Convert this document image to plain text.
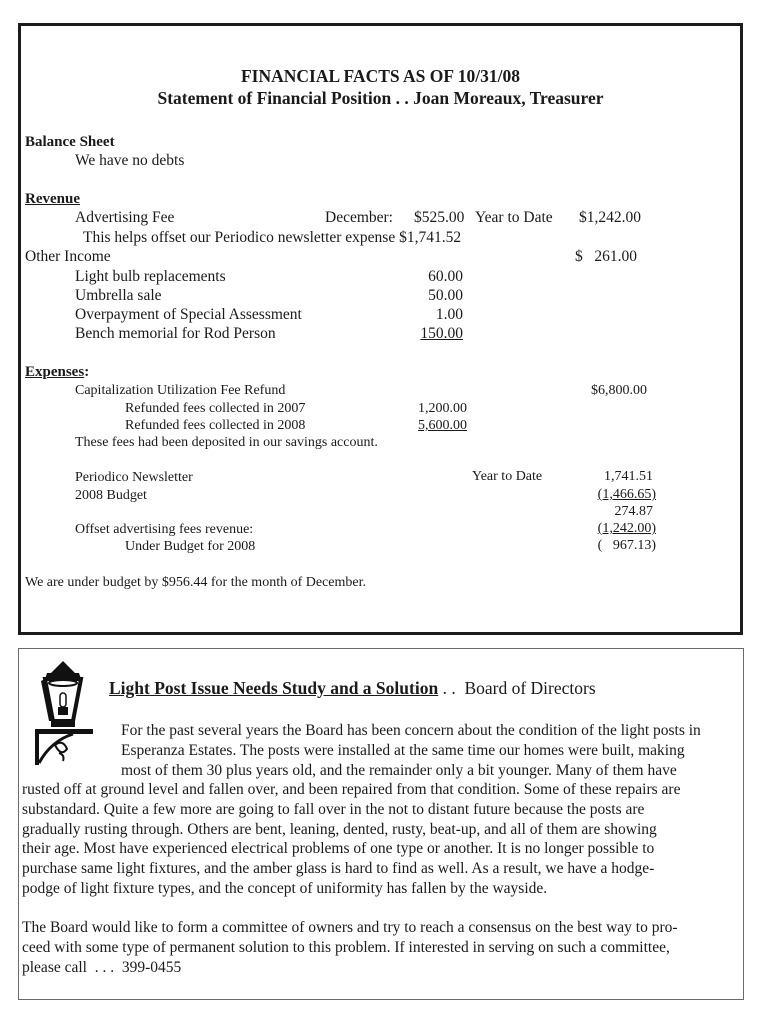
FINANCIAL FACTS AS OF 10/31/08
Statement of Financial Position . . Joan Moreaux, Treasurer
Balance Sheet
We have no debts
Revenue
Advertising Fee	December: $525.00 Year to Date $1,242.00
This helps offset our Periodico newsletter expense $1,741.52
Other Income	$   261.00
Light bulb replacements	60.00
Umbrella sale	50.00
Overpayment of Special Assessment	1.00
Bench memorial for Rod Person	150.00
Expenses:
Capitalization Utilization Fee Refund	$6,800.00
Refunded fees collected in 2007	1,200.00
Refunded fees collected in 2008	5,600.00
These fees had been deposited in our savings account.
Periodico Newsletter	Year to Date	1,741.51
2008 Budget	(1,466.65)
274.87
Offset advertising fees revenue:	(1,242.00)
Under Budget for 2008	(   967.13)
We are under budget by $956.44 for the month of December.
Light Post Issue Needs Study and a Solution . .  Board of Directors
For the past several years the Board has been concern about the condition of the light posts in
Esperanza Estates. The posts were installed at the same time our homes were built, making
most of them 30 plus years old, and the remainder only a bit younger. Many of them have
rusted off at ground level and fallen over, and been repaired from that condition. Some of these repairs are
substandard. Quite a few more are going to fall over in the not to distant future because the posts are
gradually rusting through. Others are bent, leaning, dented, rusty, beat-up, and all of them are showing
their age. Most have experienced electrical problems of one type or another. It is no longer possible to
purchase same light fixtures, and the amber glass is hard to find as well. As a result, we have a hodge-
podge of light fixture types, and the concept of uniformity has fallen by the wayside.
The Board would like to form a committee of owners and try to reach a consensus on the best way to pro-
ceed with some type of permanent solution to this problem. If interested in serving on such a committee,
please call  . . .  399-0455
